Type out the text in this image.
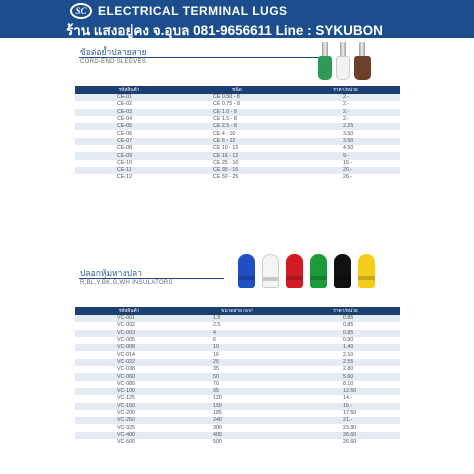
SC ELECTRICAL TERMINAL LUGS
ร้าน แสงอยู่คง จ.อุบล 081-9656611 Line : SYKUBON
ข้อต่อย้ำปลายสาย
CORD-END SLEEVES
รหัสสินค้า	ชนิด	ราคา/หน่วย
CE-01	CE 0.50 - 8	2.-
CE-02	CE 0.75 - 8	2.-
CE-03	CE 1.0 - 8	2.-
CE-04	CE 1.5 - 8	2.-
CE-05	CE 2.5 - 8	2.25
CE-06	CE 4 - 10	3.50
CE-07	CE 6 - 12	3.50
CE-08	CE 10 - 12	4.50
CE-09	CE 16 - 12	9.-
CE-10	CE 25 - 16	15.-
CE-11	CE 35 - 16	20.-
CE-12	CE 50 - 25	26.-
ปลอกหุ้มหางปลา
R,BL,Y,BK,G,WH INSULATORS
รหัสสินค้า	ขนาดสาย mm²	ราคา/หน่วย
VC-001	1.5	0.85
VC-002	2.5	0.85
VC-003	4	0.85
VC-005	6	0.90
VC-008	10	1.40
VC-014	16	2.10
VC-022	25	2.55
VC-038	35	2.80
VC-060	50	5.60
VC-080	70	8.10
VC-100	95	12.60
VC-125	120	14.-
VC-150	150	16.-
VC-200	185	17.50
VC-250	240	21.-
VC-325	300	23.80
VC-400	400	26.60
VC-500	500	26.60
